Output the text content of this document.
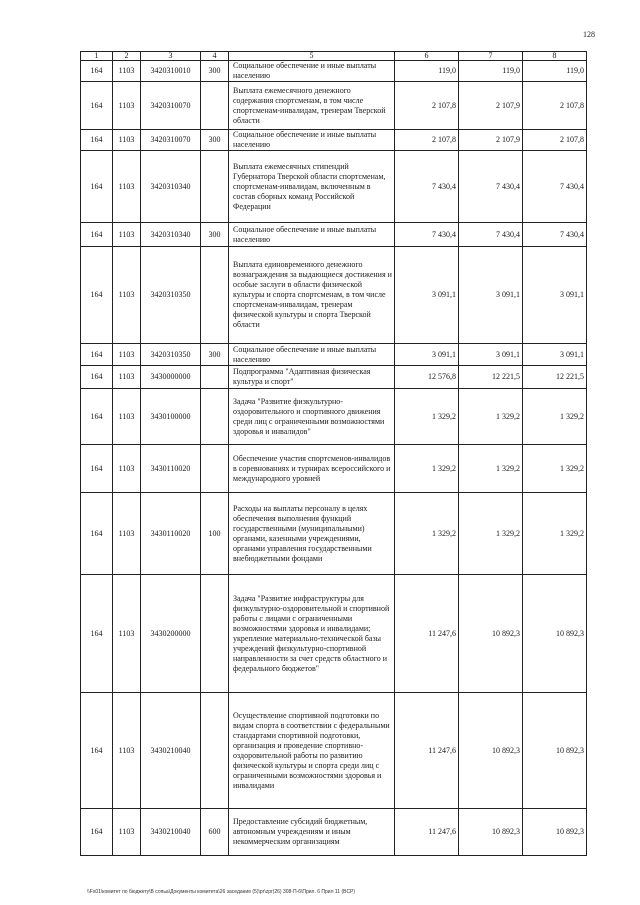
128
1	2	3	4	5	6	7	8
164	1103	3420310010	300	Социальное обеспечение и иные выплаты населению	119,0	119,0	119,0
164	1103	3420310070		Выплата ежемесячного денежного содержания спортсменам, в том числе спортсменам-инвалидам, тренерам Тверской области	2 107,8	2 107,9	2 107,8
164	1103	3420310070	300	Социальное обеспечение и иные выплаты населению	2 107,8	2 107,9	2 107,8
164	1103	3420310340		Выплата ежемесячных стипендий Губернатора Тверской области спортсменам, спортсменам-инвалидам, включенным в состав сборных команд Российской Федерации	7 430,4	7 430,4	7 430,4
164	1103	3420310340	300	Социальное обеспечение и иные выплаты населению	7 430,4	7 430,4	7 430,4
164	1103	3420310350		Выплата единовременного денежного вознаграждения за выдающиеся достижения и особые заслуги в области физической культуры и спорта спортсменам, в том числе спортсменам-инвалидам, тренерам физической культуры и спорта Тверской области	3 091,1	3 091,1	3 091,1
164	1103	3420310350	300	Социальное обеспечение и иные выплаты населению	3 091,1	3 091,1	3 091,1
164	1103	3430000000		Подпрограмма "Адаптивная физическая культура и спорт"	12 576,8	12 221,5	12 221,5
164	1103	3430100000		Задача "Развитие физкультурно-оздоровительного и спортивного движения среди лиц с ограниченными возможностями здоровья и инвалидов"	1 329,2	1 329,2	1 329,2
164	1103	3430110020		Обеспечение участия спортсменов-инвалидов в соревнованиях и турнирах всероссийского и международного уровней	1 329,2	1 329,2	1 329,2
164	1103	3430110020	100	Расходы на выплаты персоналу в целях обеспечения выполнения функций государственными (муниципальными) органами, казенными учреждениями, органами управления государственными внебюджетными фондами	1 329,2	1 329,2	1 329,2
164	1103	3430200000		Задача "Развитие инфраструктуры для физкультурно-оздоровительной и спортивной работы с лицами с ограниченными возможностями здоровья и инвалидами; укрепление материально-технической базы учреждений физкультурно-спортивной направленности за счет средств областного и федерального бюджетов"	11 247,6	10 892,3	10 892,3
164	1103	3430210040		Осуществление спортивной подготовки по видам спорта в соответствии с федеральными стандартами спортивной подготовки, организация и проведение спортивно-оздоровительной работы по развитию физической культуры и спорта среди лиц с ограниченными возможностями здоровья и инвалидами	11 247,6	10 892,3	10 892,3
164	1103	3430210040	600	Предоставление субсидий бюджетным, автономным учреждениям и иным некоммерческим организациям	11 247,6	10 892,3	10 892,3
\\Fs01\комитет по бюджету\В сопьа\Документы комитета\26 заседание (5)\pr\zpr(26) 308-П-6\Прил. 6 Прил 11 (BCP)
